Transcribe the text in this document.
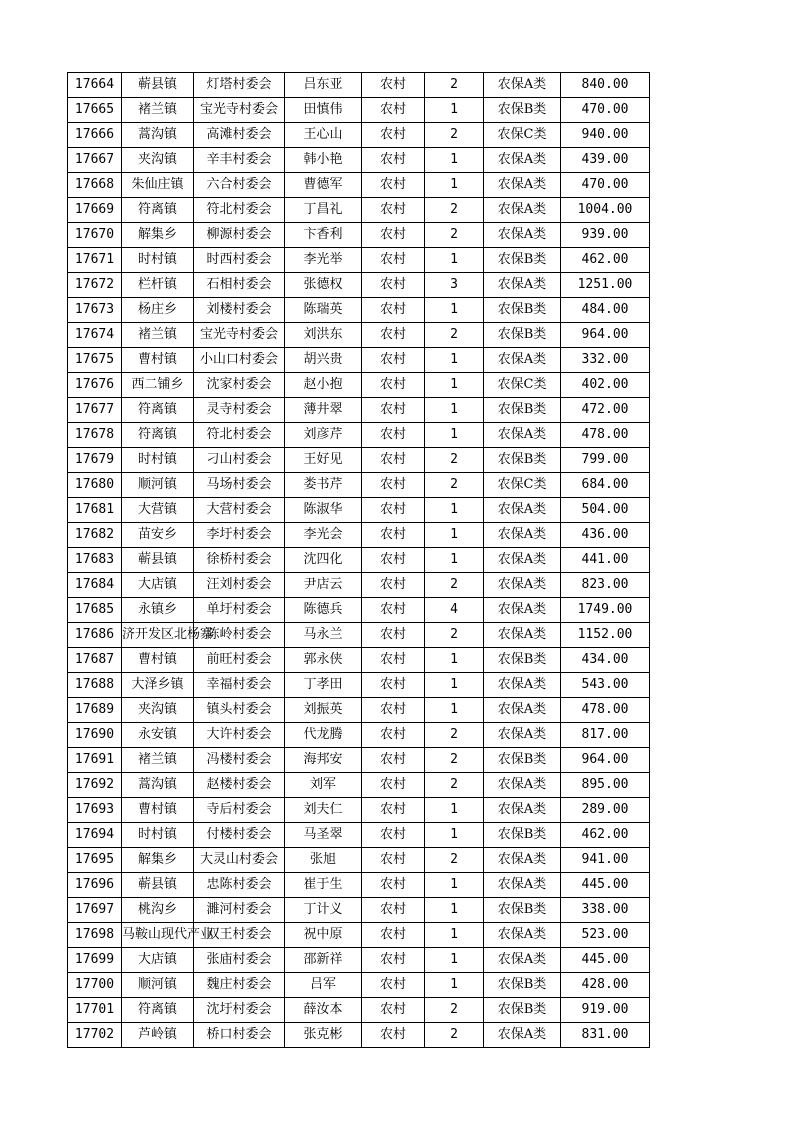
17664	蕲县镇	灯塔村委会	吕东亚	农村	2	农保A类	840.00
17665	褚兰镇	宝光寺村委会	田慎伟	农村	1	农保B类	470.00
17666	蒿沟镇	高滩村委会	王心山	农村	2	农保C类	940.00
17667	夹沟镇	辛丰村委会	韩小艳	农村	1	农保A类	439.00
17668	朱仙庄镇	六合村委会	曹德军	农村	1	农保A类	470.00
17669	符离镇	符北村委会	丁昌礼	农村	2	农保A类	1004.00
17670	解集乡	柳源村委会	卞香利	农村	2	农保A类	939.00
17671	时村镇	时西村委会	李光举	农村	1	农保B类	462.00
17672	栏杆镇	石相村委会	张德权	农村	3	农保A类	1251.00
17673	杨庄乡	刘楼村委会	陈瑞英	农村	1	农保B类	484.00
17674	褚兰镇	宝光寺村委会	刘洪东	农村	2	农保B类	964.00
17675	曹村镇	小山口村委会	胡兴贵	农村	1	农保A类	332.00
17676	西二铺乡	沈家村委会	赵小抱	农村	1	农保C类	402.00
17677	符离镇	灵寺村委会	薄井翠	农村	1	农保B类	472.00
17678	符离镇	符北村委会	刘彦芹	农村	1	农保A类	478.00
17679	时村镇	刁山村委会	王好见	农村	2	农保B类	799.00
17680	顺河镇	马场村委会	娄书芹	农村	2	农保C类	684.00
17681	大营镇	大营村委会	陈淑华	农村	1	农保A类	504.00
17682	苗安乡	李圩村委会	李光会	农村	1	农保A类	436.00
17683	蕲县镇	徐桥村委会	沈四化	农村	1	农保A类	441.00
17684	大店镇	汪刘村委会	尹店云	农村	2	农保A类	823.00
17685	永镇乡	单圩村委会	陈德兵	农村	4	农保A类	1749.00
17686	济开发区北杨寨	陈岭村委会	马永兰	农村	2	农保A类	1152.00
17687	曹村镇	前旺村委会	郭永侠	农村	1	农保B类	434.00
17688	大泽乡镇	幸福村委会	丁孝田	农村	1	农保A类	543.00
17689	夹沟镇	镇头村委会	刘振英	农村	1	农保A类	478.00
17690	永安镇	大许村委会	代龙腾	农村	2	农保A类	817.00
17691	褚兰镇	冯楼村委会	海邦安	农村	2	农保B类	964.00
17692	蒿沟镇	赵楼村委会	刘军	农村	2	农保A类	895.00
17693	曹村镇	寺后村委会	刘夫仁	农村	1	农保A类	289.00
17694	时村镇	付楼村委会	马圣翠	农村	1	农保B类	462.00
17695	解集乡	大灵山村委会	张旭	农村	2	农保A类	941.00
17696	蕲县镇	忠陈村委会	崔于生	农村	1	农保A类	445.00
17697	桃沟乡	濉河村委会	丁计义	农村	1	农保B类	338.00
17698	马鞍山现代产业	双王村委会	祝中原	农村	1	农保A类	523.00
17699	大店镇	张庙村委会	邵新祥	农村	1	农保A类	445.00
17700	顺河镇	魏庄村委会	吕军	农村	1	农保B类	428.00
17701	符离镇	沈圩村委会	薛汝本	农村	2	农保B类	919.00
17702	芦岭镇	桥口村委会	张克彬	农村	2	农保A类	831.00
